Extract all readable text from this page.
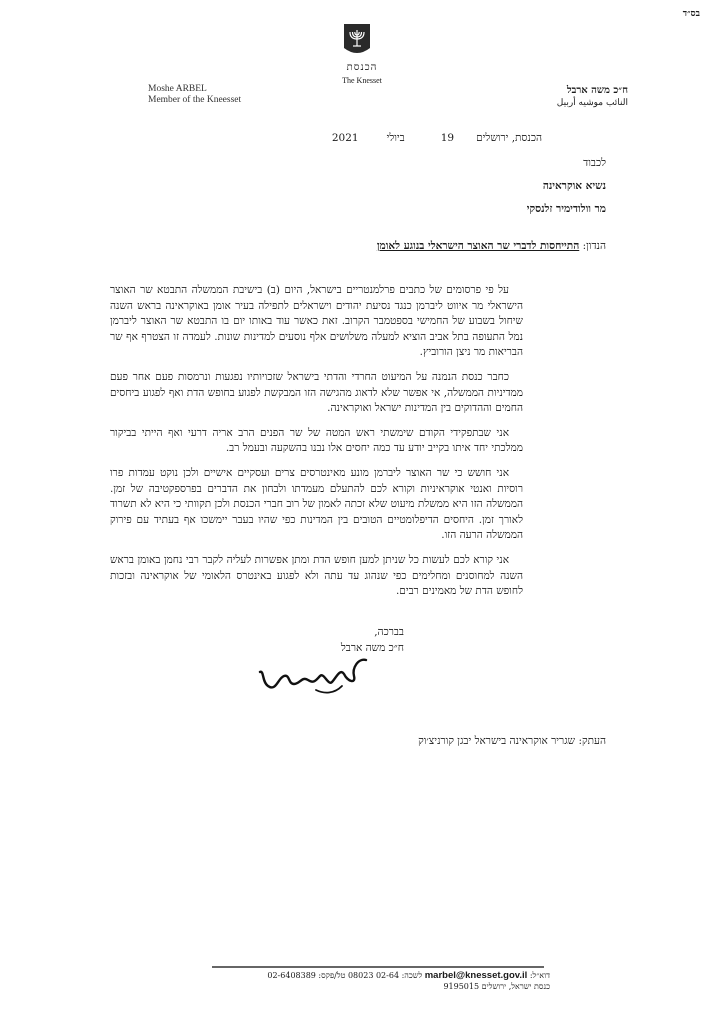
בס״ד
הכנסת
The Knesset
Moshe ARBEL
Member of the Kneesset
ח״כ משה ארבל
النائب موشيه أربيل
הכנסת, ירושלים19ביולי2021
לכבוד
נשיא אוקראינה
מר וולודימיר זלנסקי
הנדון: התייחסות לדברי שר האוצר הישראלי בנוגע לאומן

על פי פרסומים של כתבים פרלמנטריים בישראל, היום (ב) בישיבת הממשלה התבטא שר האוצר הישראלי מר איווט ליברמן כנגד נסיעת יהודים וישראלים לתפילה בעיר אומן באוקראינה בראש השנה שיחול בשבוע של החמישי בספטמבר הקרוב. זאת כאשר עוד באותו יום בו התבטא שר האוצר ליברמן נמל התעופה בתל אביב הוציא למעלה משלושים אלף נוסעים למדינות שונות. לעמדה זו הצטרף אף שר הבריאות מר ניצן הורוביץ.

כחבר כנסת הנמנה על המיעוט החרדי והדתי בישראל שזכויותיו נפגעות ונרמסות פעם אחר פעם ממדיניות הממשלה, אי אפשר שלא לדאוג מהגישה הזו המבקשת לפגוע בחופש הדת ואף לפגוע ביחסים החמים וההדוקים בין המדינות ישראל ואוקראינה.

אני שבתפקידי הקודם שימשתי ראש המטה של שר הפנים הרב אריה דרעי ואף הייתי בביקור ממלכתי יחד איתו בקייב יודע עד כמה יחסים אלו נבנו בהשקעה ובעמל רב.

אני חושש כי שר האוצר ליברמן מונע מאינטרסים צרים ועסקיים אישיים ולכן נוקט עמדות פרו רוסיות ואנטי אוקראיניות וקורא לכם להתעלם מעמדתו ולבחון את הדברים בפרספקטיבה של זמן. הממשלה הזו היא ממשלת מיעוט שלא זכתה לאמון של רוב חברי הכנסת ולכן תקוותי כי היא לא תשרוד לאורך זמן. היחסים הדיפלומטיים הטובים בין המדינות כפי שהיו בעבר יימשכו אף בעתיד עם פירוק הממשלה הרעה הזו.

אני קורא לכם לעשות כל שניתן למען חופש הדת ומתן אפשרות לעליה לקבר רבי נחמן באומן בראש השנה למחוסנים ומחלימים כפי שנהוג עד עתה ולא לפגוע באינטרס הלאומי של אוקראינה ובזכות לחופש הדת של מאמינים רבים.

בברכה,
ח״כ משה ארבל
העתק: שגריר אוקראינה בישראל יבגן קורניצ׳וק
דוא״ל: marbel@knesset.gov.il לשכה: 02-64 08023 טל/פקס: 02-6408389
כנסת ישראל, ירושלים 9195015
